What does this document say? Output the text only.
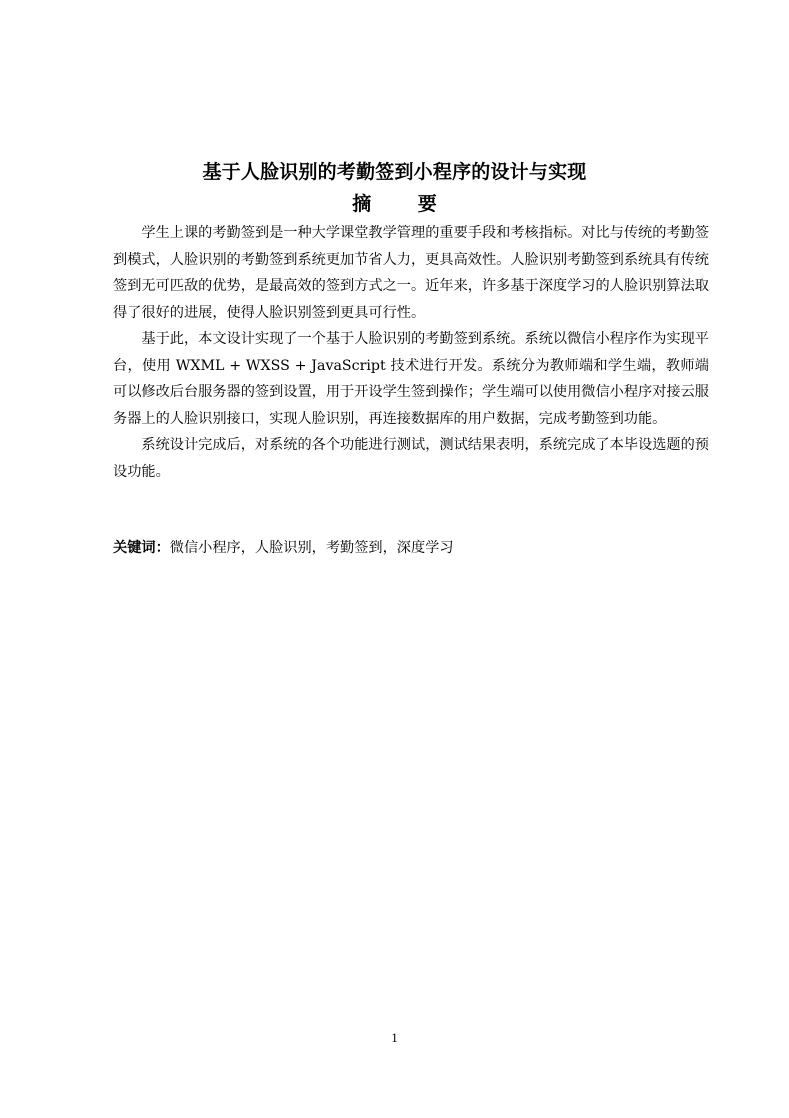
基于人脸识别的考勤签到小程序的设计与实现
摘 要

学生上课的考勤签到是一种大学课堂教学管理的重要手段和考核指标。对比与传统的考勤签到模式，人脸识别的考勤签到系统更加节省人力，更具高效性。人脸识别考勤签到系统具有传统签到无可匹敌的优势，是最高效的签到方式之一。近年来，许多基于深度学习的人脸识别算法取得了很好的进展，使得人脸识别签到更具可行性。

基于此，本文设计实现了一个基于人脸识别的考勤签到系统。系统以微信小程序作为实现平台，使用 WXML + WXSS + JavaScript 技术进行开发。系统分为教师端和学生端，教师端可以修改后台服务器的签到设置，用于开设学生签到操作；学生端可以使用微信小程序对接云服务器上的人脸识别接口，实现人脸识别，再连接数据库的用户数据，完成考勤签到功能。

系统设计完成后，对系统的各个功能进行测试，测试结果表明，系统完成了本毕设选题的预设功能。

关键词：微信小程序，人脸识别，考勤签到，深度学习
1
